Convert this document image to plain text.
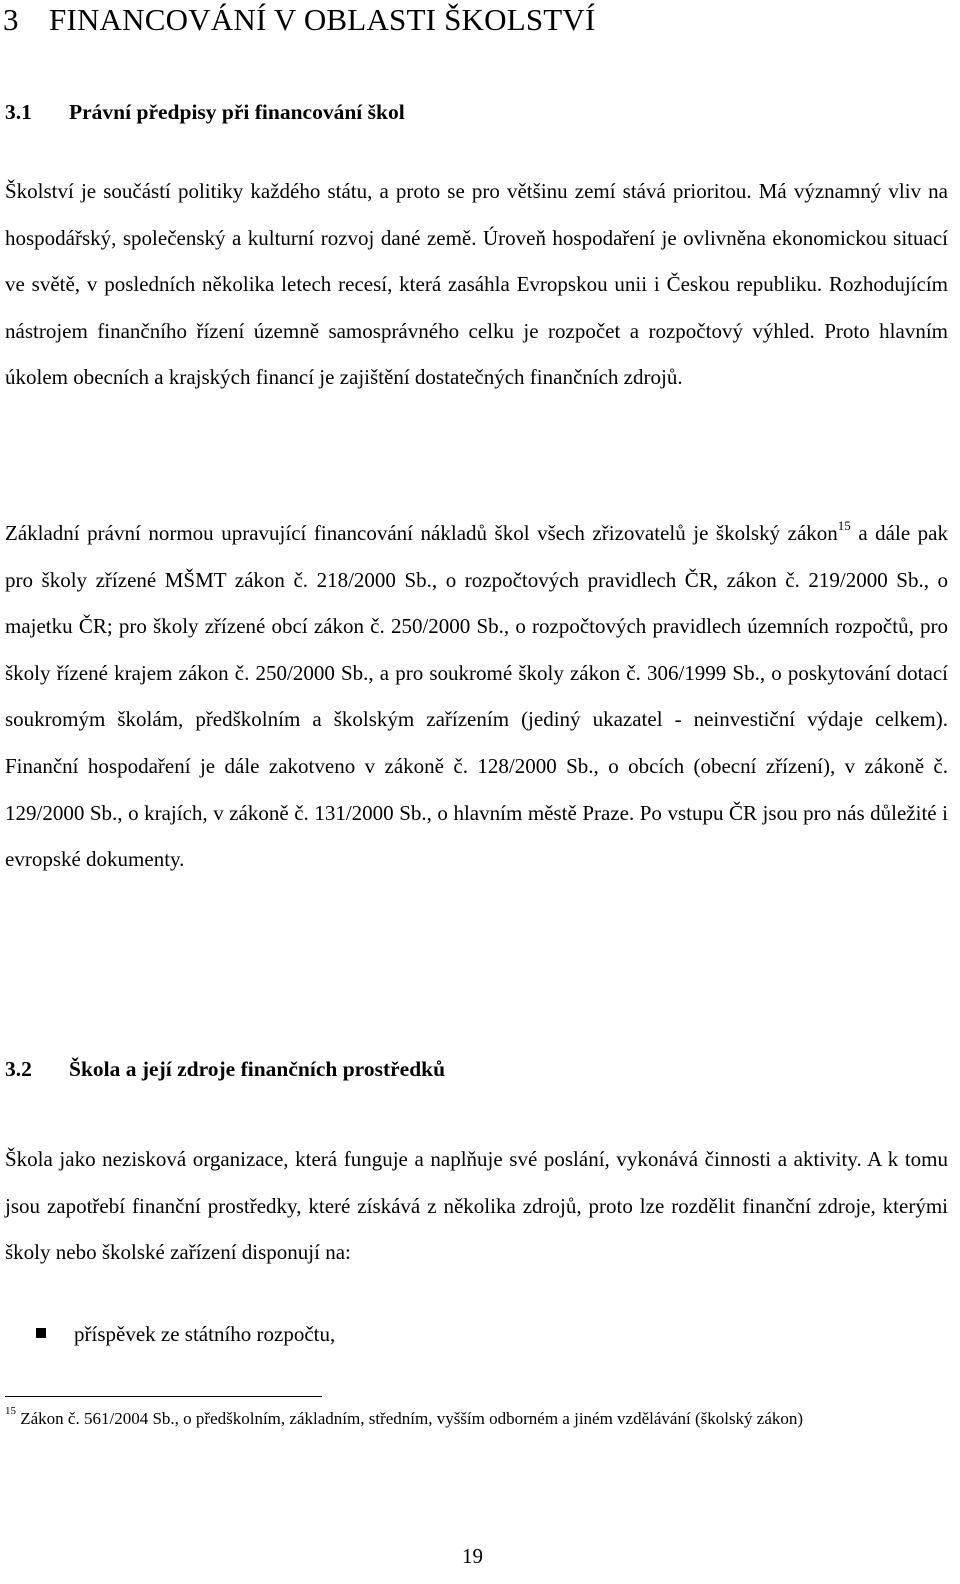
3 FINANCOVÁNÍ V OBLASTI ŠKOLSTVÍ
3.1 Právní předpisy při financování škol

Školství je součástí politiky každého státu, a proto se pro většinu zemí stává prioritou. Má významný vliv na hospodářský, společenský a kulturní rozvoj dané země. Úroveň hospodaření je ovlivněna ekonomickou situací ve světě, v posledních několika letech recesí, která zasáhla Evropskou unii i Českou republiku. Rozhodujícím nástrojem finančního řízení územně samosprávného celku je rozpočet a rozpočtový výhled. Proto hlavním úkolem obecních a krajských financí je zajištění dostatečných finančních zdrojů.

Základní právní normou upravující financování nákladů škol všech zřizovatelů je školský zákon$^{15}$ a dále pak pro školy zřízené MŠMT zákon č. 218/2000 Sb., o rozpočtových pravidlech ČR, zákon č. 219/2000 Sb., o majetku ČR; pro školy zřízené obcí zákon č. 250/2000 Sb., o rozpočtových pravidlech územních rozpočtů, pro školy řízené krajem zákon č. 250/2000 Sb., a pro soukromé školy zákon č. 306/1999 Sb., o poskytování dotací soukromým školám, předškolním a školským zařízením (jediný ukazatel - neinvestiční výdaje celkem). Finanční hospodaření je dále zakotveno v zákoně č. 128/2000 Sb., o obcích (obecní zřízení), v zákoně č. 129/2000 Sb., o krajích, v zákoně č. 131/2000 Sb., o hlavním městě Praze. Po vstupu ČR jsou pro nás důležité i evropské dokumenty.

3.2 Škola a její zdroje finančních prostředků

Škola jako nezisková organizace, která funguje a naplňuje své poslání, vykonává činnosti a aktivity. A k tomu jsou zapotřebí finanční prostředky, které získává z několika zdrojů, proto lze rozdělit finanční zdroje, kterými školy nebo školské zařízení disponují na:

příspěvek ze státního rozpočtu,

$^{15}$ Zákon č. 561/2004 Sb., o předškolním, základním, středním, vyšším odborném a jiném vzdělávání (školský zákon)

19
